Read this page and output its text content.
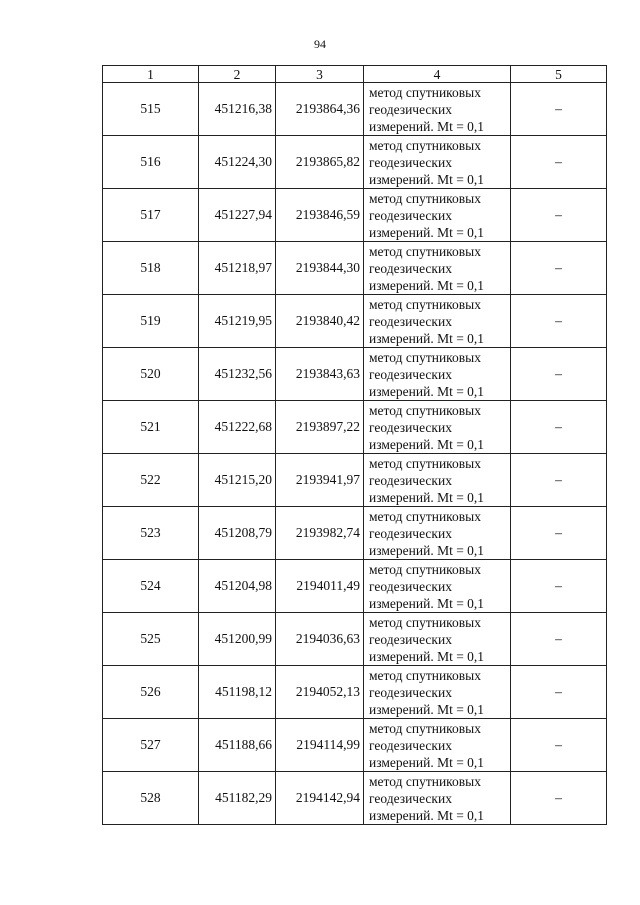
94
1	2	3	4	5
515	451216,38	2193864,36	метод спутниковых
геодезических
измерений. Mt = 0,1	–
516	451224,30	2193865,82	метод спутниковых
геодезических
измерений. Mt = 0,1	–
517	451227,94	2193846,59	метод спутниковых
геодезических
измерений. Mt = 0,1	–
518	451218,97	2193844,30	метод спутниковых
геодезических
измерений. Mt = 0,1	–
519	451219,95	2193840,42	метод спутниковых
геодезических
измерений. Mt = 0,1	–
520	451232,56	2193843,63	метод спутниковых
геодезических
измерений. Mt = 0,1	–
521	451222,68	2193897,22	метод спутниковых
геодезических
измерений. Mt = 0,1	–
522	451215,20	2193941,97	метод спутниковых
геодезических
измерений. Mt = 0,1	–
523	451208,79	2193982,74	метод спутниковых
геодезических
измерений. Mt = 0,1	–
524	451204,98	2194011,49	метод спутниковых
геодезических
измерений. Mt = 0,1	–
525	451200,99	2194036,63	метод спутниковых
геодезических
измерений. Mt = 0,1	–
526	451198,12	2194052,13	метод спутниковых
геодезических
измерений. Mt = 0,1	–
527	451188,66	2194114,99	метод спутниковых
геодезических
измерений. Mt = 0,1	–
528	451182,29	2194142,94	метод спутниковых
геодезических
измерений. Mt = 0,1	–
